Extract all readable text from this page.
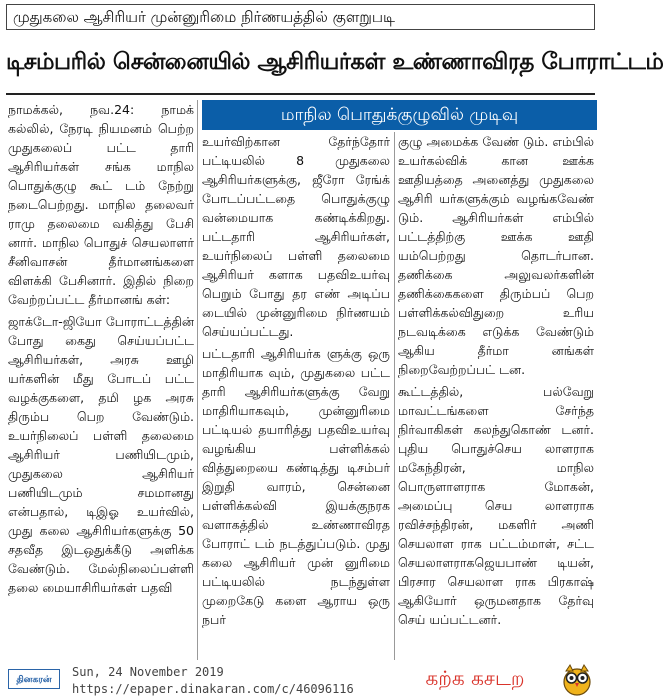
முதுகலை ஆசிரியர் முன்னுரிமை நிர்ணயத்தில் குளறுபடி
டிசம்பரில் சென்னையில் ஆசிரியர்கள் உண்ணாவிரத போராட்டம்
மாநில பொதுக்குழுவில் முடிவு

நாமக்கல், நவ.24: நாமக் கல்லில், நேரடி நியமனம் பெற்ற முதுகலைப் பட்ட தாரி ஆசிரியர்கள் சங்க மாநில பொதுக்குழு கூட் டம் நேற்று நடைபெற்றது. மாநில தலைவர் ராமு தலைமை வகித்து பேசி னார். மாநில பொதுச் செயலாளர் சீனிவாசன் தீர்மானங்களை விளக்கி பேசினார். இதில் நிறை வேற்றப்பட்ட தீர்மானங் கள்:

ஜாக்டோ-ஜியோ போராட்டத்தின் போது கைது செய்யப்பட்ட ஆசிரியர்கள், அரசு ஊழி யர்களின் மீது போடப் பட்ட வழக்குகளை, தமி ழக அரசு திரும்ப பெற வேண்டும். உயர்நிலைப் பள்ளி தலைமை ஆசிரியர் பணியிடமும், முதுகலை ஆசிரியர் பணியிடமும் சமமானது என்பதால், டிஇஓ உயர்வில், முது கலை ஆசிரியர்களுக்கு 50 சதவீத இடஒதுக்கீடு அளிக்க வேண்டும். மேல்நிலைப்பள்ளி தலை மையாசிரியர்கள் பதவி

உயர்விற்கான தேர்ந்தோர் பட்டியலில் 8 முதுகலை ஆசிரியர்களுக்கு, ஜீரோ ரேங்க் போடப்பட்டதை பொதுக்குழு வன்மையாக கண்டிக்கிறது. பட்டதாரி ஆசிரியர்கள், உயர்நிலைப் பள்ளி தலைமை ஆசிரியர் களாக பதவிஉயர்வு பெறும் போது தர எண் அடிப்ப டையில் முன்னுரிமை நிர்ணயம் செய்யப்பட்டது.

பட்டதாரி ஆசிரியர்க ளுக்கு ஒரு மாதிரியாக வும், முதுகலை பட்ட தாரி ஆசிரியர்களுக்கு வேறு மாதிரியாகவும், முன்னுரிமை பட்டியல் தயாரித்து பதவிஉயர்வு வழங்கிய பள்ளிக்கல் வித்துறையை கண்டித்து டிசம்பர் இறுதி வாரம், சென்னை பள்ளிக்கல்வி இயக்குநரக வளாகத்தில் உண்ணாவிரத போராட் டம் நடத்துப்படும். முது கலை ஆசிரியர் முன் னுரிமை பட்டியலில் நடந்துள்ள முறைகேடு களை ஆராய ஒரு நபர்

குழு அமைக்க வேண் டும். எம்பில் உயர்கல்விக் கான ஊக்க ஊதியத்தை அனைத்து முதுகலை ஆசிரி யர்களுக்கும் வழங்கவேண் டும். ஆசிரியர்கள் எம்பில் பட்டத்திற்கு ஊக்க ஊதி யம்பெற்றது தொடர்பான. தணிக்கை அலுவலர்களின் தணிக்கைகளை திரும்பப் பெற பள்ளிக்கல்விதுறை உரிய நடவடிக்கை எடுக்க வேண்டும் ஆகிய தீர்மா னங்கள் நிறைவேற்றப்பட் டன.

கூட்டத்தில், பல்வேறு மாவட்டங்களை சேர்ந்த நிர்வாகிகள் கலந்துகொண் டனர். புதிய பொதுச்செய லாளராக மகேந்திரன், மாநில பொருளாளராக மோகன், அமைப்பு செய லாளராக ரவிச்சந்திரன், மகளிர் அணி செயலாள ராக பட்டம்மாள், சட்ட செயலாளராகஜெயபாண் டியன், பிரசார செயலாள ராக பிரகாஷ் ஆகியோர் ஒருமனதாக தேர்வு செய் யப்பட்டனர்.

தினகரன்
Sun, 24 November 2019
https://epaper.dinakaran.com/c/46096116	கற்க கசடற
